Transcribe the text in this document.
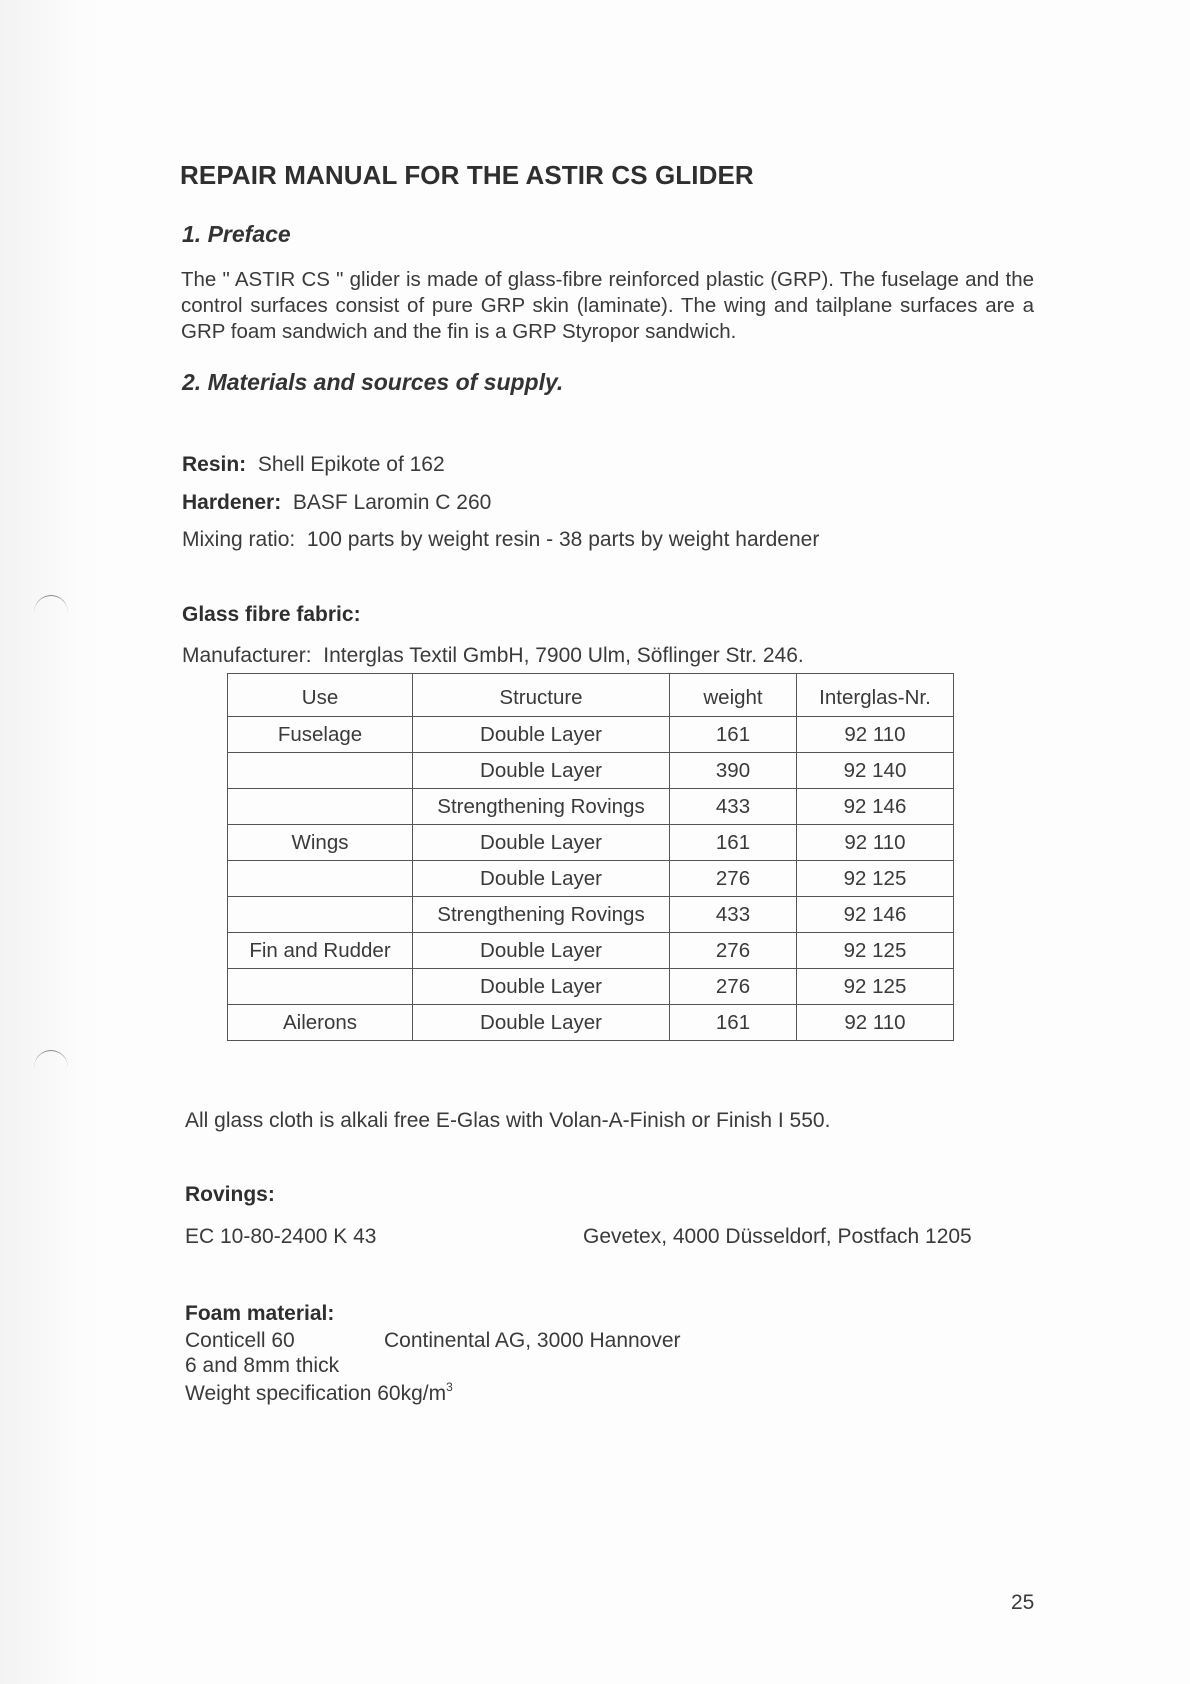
REPAIR MANUAL FOR THE ASTIR CS GLIDER
1. Preface

The " ASTIR CS " glider is made of glass-fibre reinforced plastic (GRP). The fuselage and the control surfaces consist of pure GRP skin (laminate). The wing and tailplane surfaces are a GRP foam sandwich and the fin is a GRP Styropor sandwich.

2. Materials and sources of supply.
Resin: Shell Epikote of 162
Hardener: BASF Laromin C 260
Mixing ratio: 100 parts by weight resin - 38 parts by weight hardener
Glass fibre fabric:
Manufacturer: Interglas Textil GmbH, 7900 Ulm, Söflinger Str. 246.
Use	Structure	weight	Interglas-Nr.
Fuselage	Double Layer	161	92 110
	Double Layer	390	92 140
	Strengthening Rovings	433	92 146
Wings	Double Layer	161	92 110
	Double Layer	276	92 125
	Strengthening Rovings	433	92 146
Fin and Rudder	Double Layer	276	92 125
	Double Layer	276	92 125
Ailerons	Double Layer	161	92 110
All glass cloth is alkali free E-Glas with Volan-A-Finish or Finish I 550.
Rovings:
EC 10-80-2400 K 43	Gevetex, 4000 Düsseldorf, Postfach 1205
Foam material:
Conticell 60	Continental AG, 3000 Hannover
6 and 8mm thick
Weight specification $60kg/m^3$
25
